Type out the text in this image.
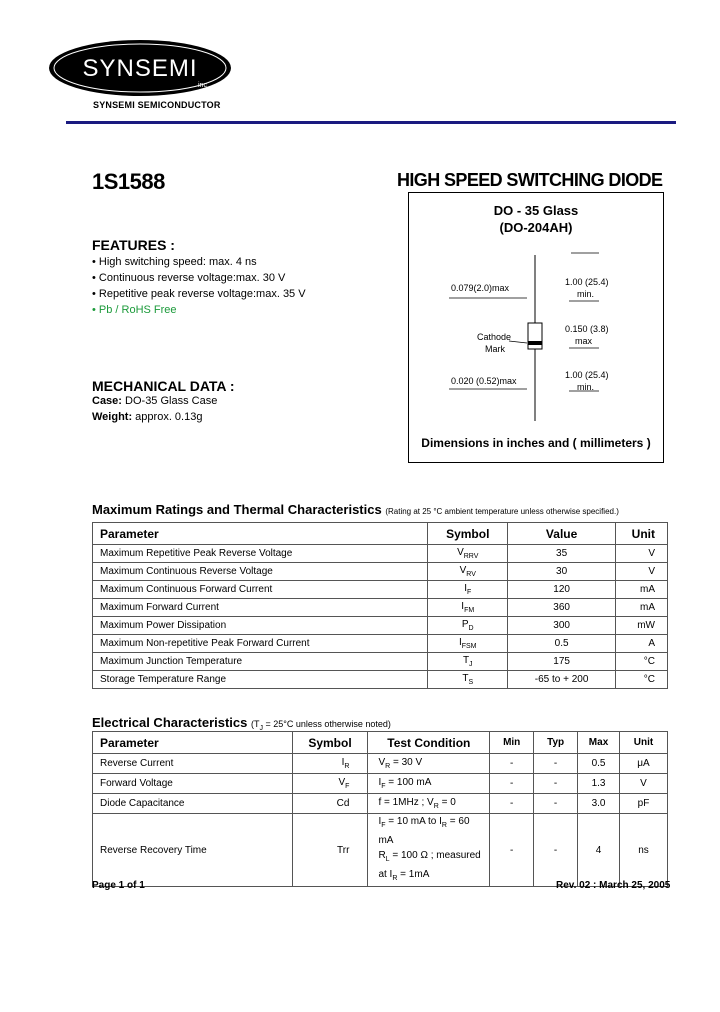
SYNSEMI
inc
SYNSEMI SEMICONDUCTOR
1S1588	HIGH SPEED SWITCHING DIODE
DO - 35 Glass
(DO-204AH)
0.079(2.0)max
1.00 (25.4)
min.
Cathode
Mark
0.150 (3.8)
max
0.020 (0.52)max
1.00 (25.4)
min.
Dimensions in inches and ( millimeters )
FEATURES :
• High switching speed: max. 4 ns
• Continuous reverse voltage:max. 30 V
• Repetitive peak reverse voltage:max. 35 V
• Pb / RoHS Free
MECHANICAL DATA :
Case: DO-35 Glass Case
Weight: approx. 0.13g
Maximum Ratings and Thermal Characteristics (Rating at 25 °C ambient temperature unless otherwise specified.)
Parameter	Symbol	Value	Unit
Maximum Repetitive Peak Reverse Voltage	$V_{RRV}$	35	V
Maximum Continuous Reverse Voltage	$V_{RV}$	30	V
Maximum Continuous Forward Current	$I_F$	120	mA
Maximum Forward Current	$I_{FM}$	360	mA
Maximum Power Dissipation	$P_D$	300	mW
Maximum Non-repetitive Peak Forward Current	$I_{FSM}$	0.5	A
Maximum Junction Temperature	$T_J$	175	°C
Storage Temperature Range	$T_S$	-65 to + 200	°C
Electrical Characteristics ($T_J = 25^\circ C$ unless otherwise noted)
Parameter	Symbol	Test Condition	Min	Typ	Max	Unit
Reverse Current	$I_R$	$V_R = 30$ V	-	-	0.5	μA
Forward Voltage	$V_F$	$I_F = 100$ mA	-	-	1.3	V
Diode Capacitance	Cd	f = 1MHz ; $V_R = 0$	-	-	3.0	pF
Reverse Recovery Time	Trr	$I_F = 10$ mA to $I_R = 60$ mA
$R_L = 100$ Ω ; measured
at $I_R = 1mA$	-	-	4	ns
Page 1 of 1	Rev. 02 : March 25, 2005
